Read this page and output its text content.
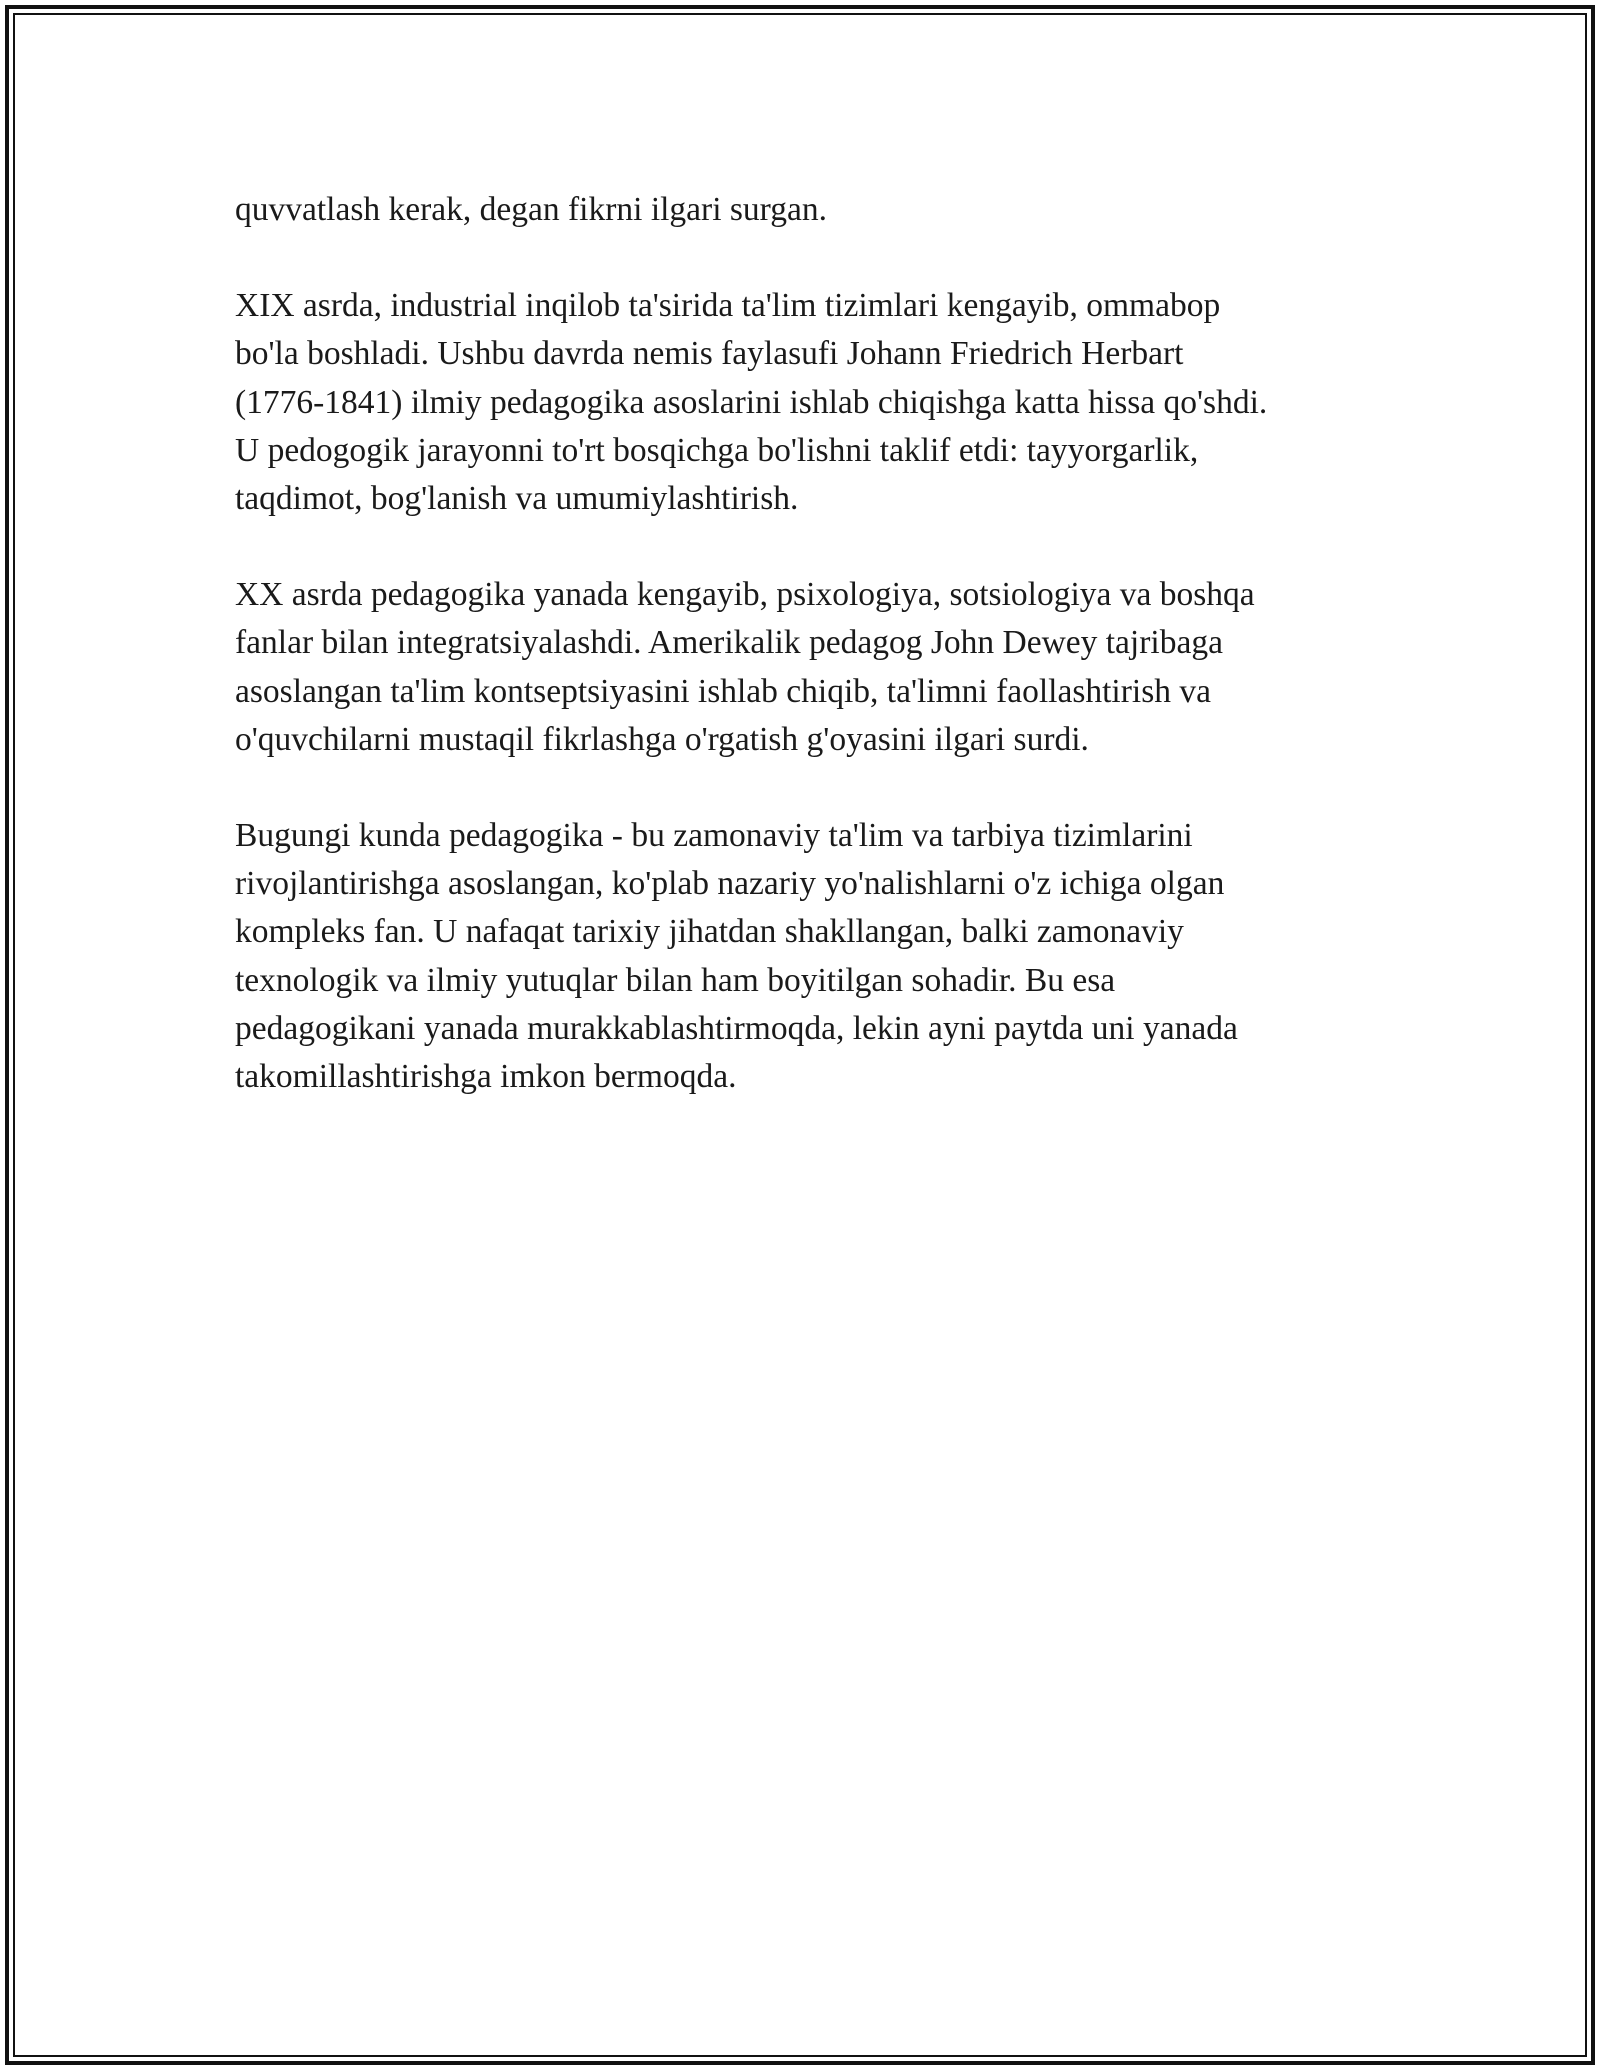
quvvatlash kerak, degan fikrni ilgari surgan.

XIX asrda, industrial inqilob ta'sirida ta'lim tizimlari kengayib, ommabop
bo'la boshladi. Ushbu davrda nemis faylasufi Johann Friedrich Herbart
(1776-1841) ilmiy pedagogika asoslarini ishlab chiqishga katta hissa qo'shdi.
U pedogogik jarayonni to'rt bosqichga bo'lishni taklif etdi: tayyorgarlik,
taqdimot, bog'lanish va umumiylashtirish.

XX asrda pedagogika yanada kengayib, psixologiya, sotsiologiya va boshqa
fanlar bilan integratsiyalashdi. Amerikalik pedagog John Dewey tajribaga
asoslangan ta'lim kontseptsiyasini ishlab chiqib, ta'limni faollashtirish va
o'quvchilarni mustaqil fikrlashga o'rgatish g'oyasini ilgari surdi.

Bugungi kunda pedagogika - bu zamonaviy ta'lim va tarbiya tizimlarini
rivojlantirishga asoslangan, ko'plab nazariy yo'nalishlarni o'z ichiga olgan
kompleks fan. U nafaqat tarixiy jihatdan shakllangan, balki zamonaviy
texnologik va ilmiy yutuqlar bilan ham boyitilgan sohadir. Bu esa
pedagogikani yanada murakkablashtirmoqda, lekin ayni paytda uni yanada
takomillashtirishga imkon bermoqda.
